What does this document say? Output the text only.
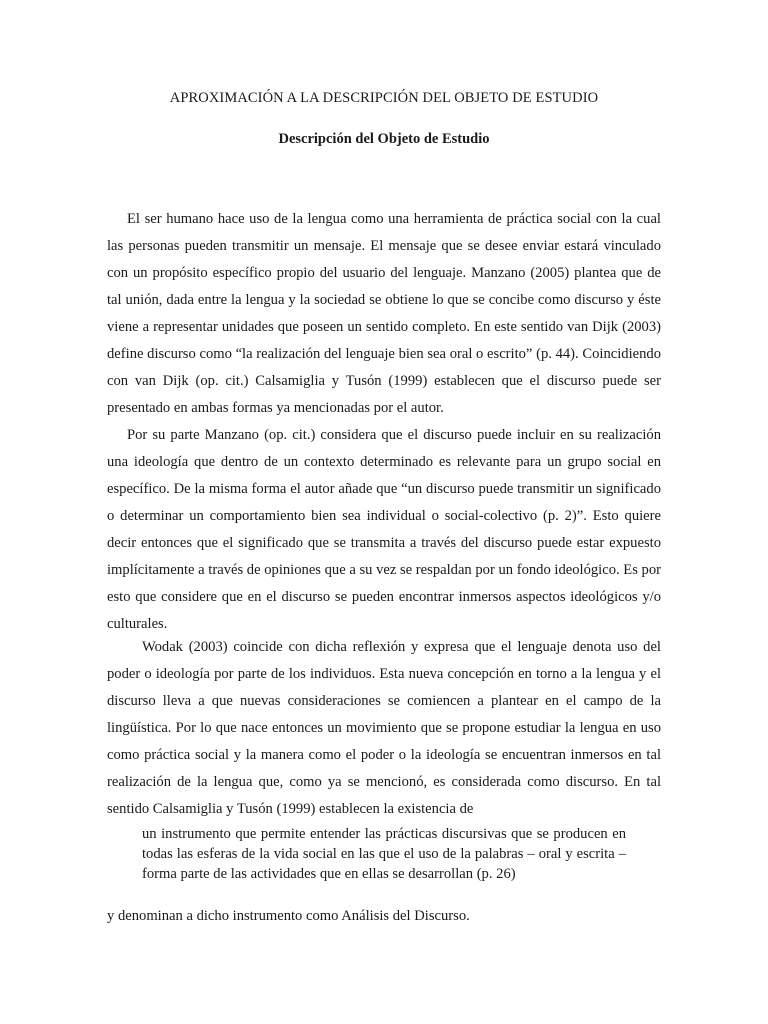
APROXIMACIÓN A LA DESCRIPCIÓN DEL OBJETO DE ESTUDIO
Descripción del Objeto de Estudio

El ser humano hace uso de la lengua como una herramienta de práctica social con la cual las personas pueden transmitir un mensaje. El mensaje que se desee enviar estará vinculado con un propósito específico propio del usuario del lenguaje. Manzano (2005) plantea que de tal unión, dada entre la lengua y la sociedad se obtiene lo que se concibe como discurso y éste viene a representar unidades que poseen un sentido completo. En este sentido van Dijk (2003) define discurso como “la realización del lenguaje bien sea oral o escrito” (p. 44). Coincidiendo con van Dijk (op. cit.) Calsamiglia y Tusón (1999) establecen que el discurso puede ser presentado en ambas formas ya mencionadas por el autor.

Por su parte Manzano (op. cit.) considera que el discurso puede incluir en su realización una ideología que dentro de un contexto determinado es relevante para un grupo social en específico. De la misma forma el autor añade que “un discurso puede transmitir un significado o determinar un comportamiento bien sea individual o social-colectivo (p. 2)”. Esto quiere decir entonces que el significado que se transmita a través del discurso puede estar expuesto implícitamente a través de opiniones que a su vez se respaldan por un fondo ideológico. Es por esto que considere que en el discurso se pueden encontrar inmersos aspectos ideológicos y/o culturales.

Wodak (2003) coincide con dicha reflexión y expresa que el lenguaje denota uso del poder o ideología por parte de los individuos. Esta nueva concepción en torno a la lengua y el discurso lleva a que nuevas consideraciones se comiencen a plantear en el campo de la lingüística. Por lo que nace entonces un movimiento que se propone estudiar la lengua en uso como práctica social y la manera como el poder o la ideología se encuentran inmersos en tal realización de la lengua que, como ya se mencionó, es considerada como discurso. En tal sentido Calsamiglia y Tusón (1999) establecen la existencia de

un instrumento que permite entender las prácticas discursivas que se producen en todas las esferas de la vida social en las que el uso de la palabras – oral y escrita – forma parte de las actividades que en ellas se desarrollan (p. 26)
y denominan a dicho instrumento como Análisis del Discurso.
